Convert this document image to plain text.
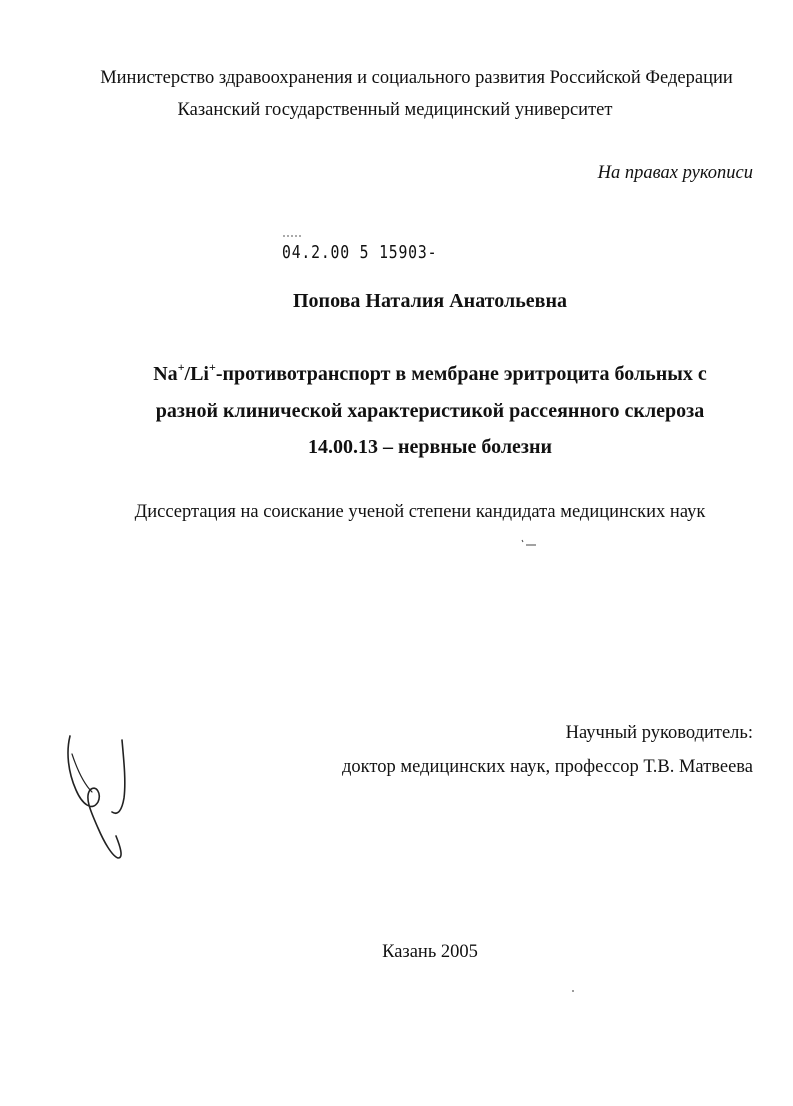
Министерство здравоохранения и социального развития Российской Федерации
Казанский государственный медицинский университет
На правах рукописи
04.2.00 5 15903-
Попова Наталия Анатольевна
Na+/Li+-противотранспорт в мембране эритроцита больных с
разной клинической характеристикой рассеянного склероза
14.00.13 – нервные болезни
Диссертация на соискание ученой степени кандидата медицинских наук
Научный руководитель:
доктор медицинских наук, профессор Т.В. Матвеева
Казань 2005
